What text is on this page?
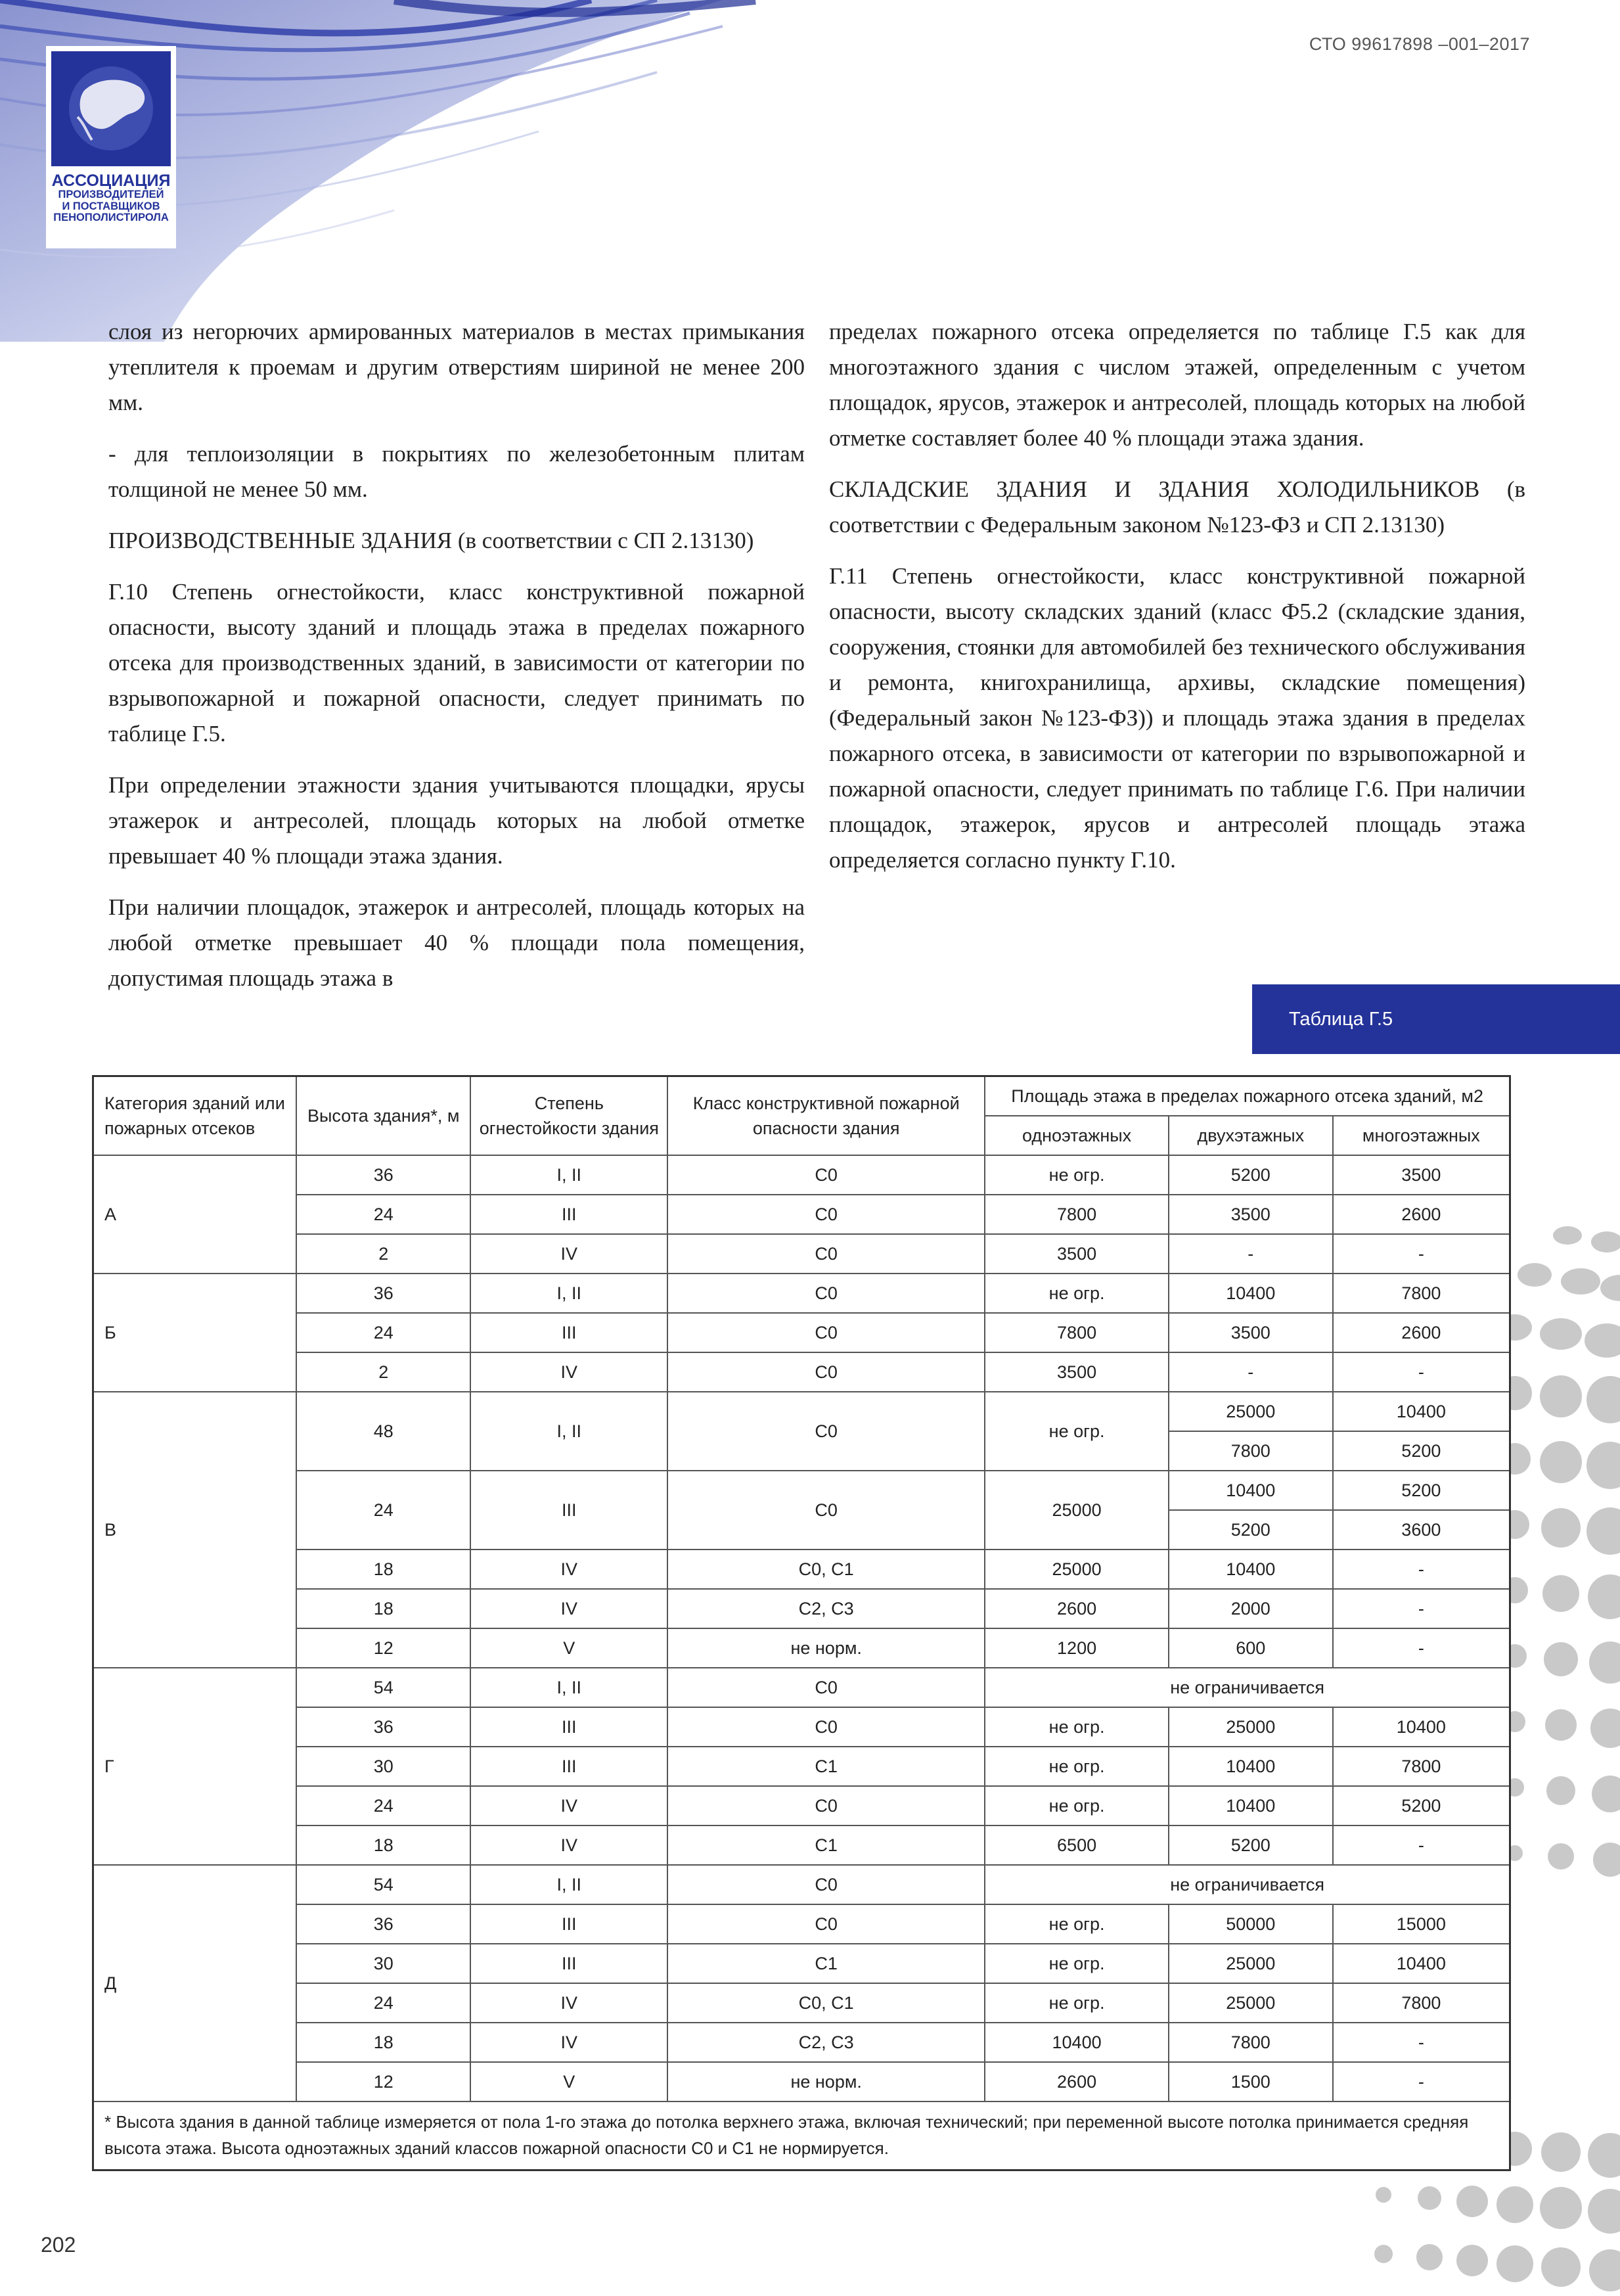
АССОЦИАЦИЯ
ПРОИЗВОДИТЕЛЕЙ
И ПОСТАВЩИКОВ
ПЕНОПОЛИСТИРОЛА
СТО 99617898 –001–2017

слоя из негорючих армированных материалов в местах примыкания утеплителя к проемам и другим отверстиям шириной не менее 200 мм.

- для теплоизоляции в покрытиях по железобетонным плитам толщиной не менее 50 мм.

ПРОИЗВОДСТВЕННЫЕ ЗДАНИЯ (в соответствии с СП 2.13130)

Г.10 Степень огнестойкости, класс конструктивной пожарной опасности, высоту зданий и площадь этажа в пределах пожарного отсека для производственных зданий, в зависимости от категории по взрывопожарной и пожарной опасности, следует принимать по таблице Г.5.

При определении этажности здания учитываются площадки, ярусы этажерок и антресолей, площадь которых на любой отметке превышает 40 % площади этажа здания.

При наличии площадок, этажерок и антресолей, площадь которых на любой отметке превышает 40 % площади пола помещения, допустимая площадь этажа в

пределах пожарного отсека определяется по таблице Г.5 как для многоэтажного здания с числом этажей, определенным с учетом площадок, ярусов, этажерок и антресолей, площадь которых на любой отметке составляет более 40 % площади этажа здания.

СКЛАДСКИЕ ЗДАНИЯ И ЗДАНИЯ ХОЛОДИЛЬНИКОВ (в соответствии с Федеральным законом №123-ФЗ и СП 2.13130)

Г.11 Степень огнестойкости, класс конструктивной пожарной опасности, высоту складских зданий (класс Ф5.2 (складские здания, сооружения, стоянки для автомобилей без технического обслуживания и ремонта, книгохранилища, архивы, складские помещения) (Федеральный закон №123-ФЗ)) и площадь этажа здания в пределах пожарного отсека, в зависимости от категории по взрывопожарной и пожарной опасности, следует принимать по таблице Г.6. При наличии площадок, этажерок, ярусов и антресолей площадь этажа определяется согласно пункту Г.10.

Таблица Г.5
Категория зданий или пожарных отсеков	Высота здания*, м	Степень огнестойкости здания	Класс конструктивной пожарной опасности здания	Площадь этажа в пределах пожарного отсека зданий, м2		
				одноэтажных	двухэтажных	многоэтажных
А	36	I, II	С0	не огр.	5200	3500
	24	III	С0	7800	3500	2600
	2	IV	С0	3500	-	-
Б	36	I, II	С0	не огр.	10400	7800
	24	III	С0	7800	3500	2600
	2	IV	С0	3500	-	-
В	48	I, II	С0	не огр.	25000	10400
					7800	5200
	24	III	С0	25000	10400	5200
					5200	3600
	18	IV	С0, С1	25000	10400	-
	18	IV	С2, С3	2600	2000	-
	12	V	не норм.	1200	600	-
Г	54	I, II	С0	не ограничивается		
	36	III	С0	не огр.	25000	10400
	30	III	С1	не огр.	10400	7800
	24	IV	С0	не огр.	10400	5200
	18	IV	С1	6500	5200	-
Д	54	I, II	С0	не ограничивается		
	36	III	С0	не огр.	50000	15000
	30	III	С1	не огр.	25000	10400
	24	IV	С0, С1	не огр.	25000	7800
	18	IV	С2, С3	10400	7800	-
	12	V	не норм.	2600	1500	-
* Высота здания в данной таблице измеряется от пола 1-го этажа до потолка верхнего этажа, включая технический; при переменной высоте потолка принимается средняя высота этажа. Высота одноэтажных зданий классов пожарной опасности С0 и С1 не нормируется.						
202
